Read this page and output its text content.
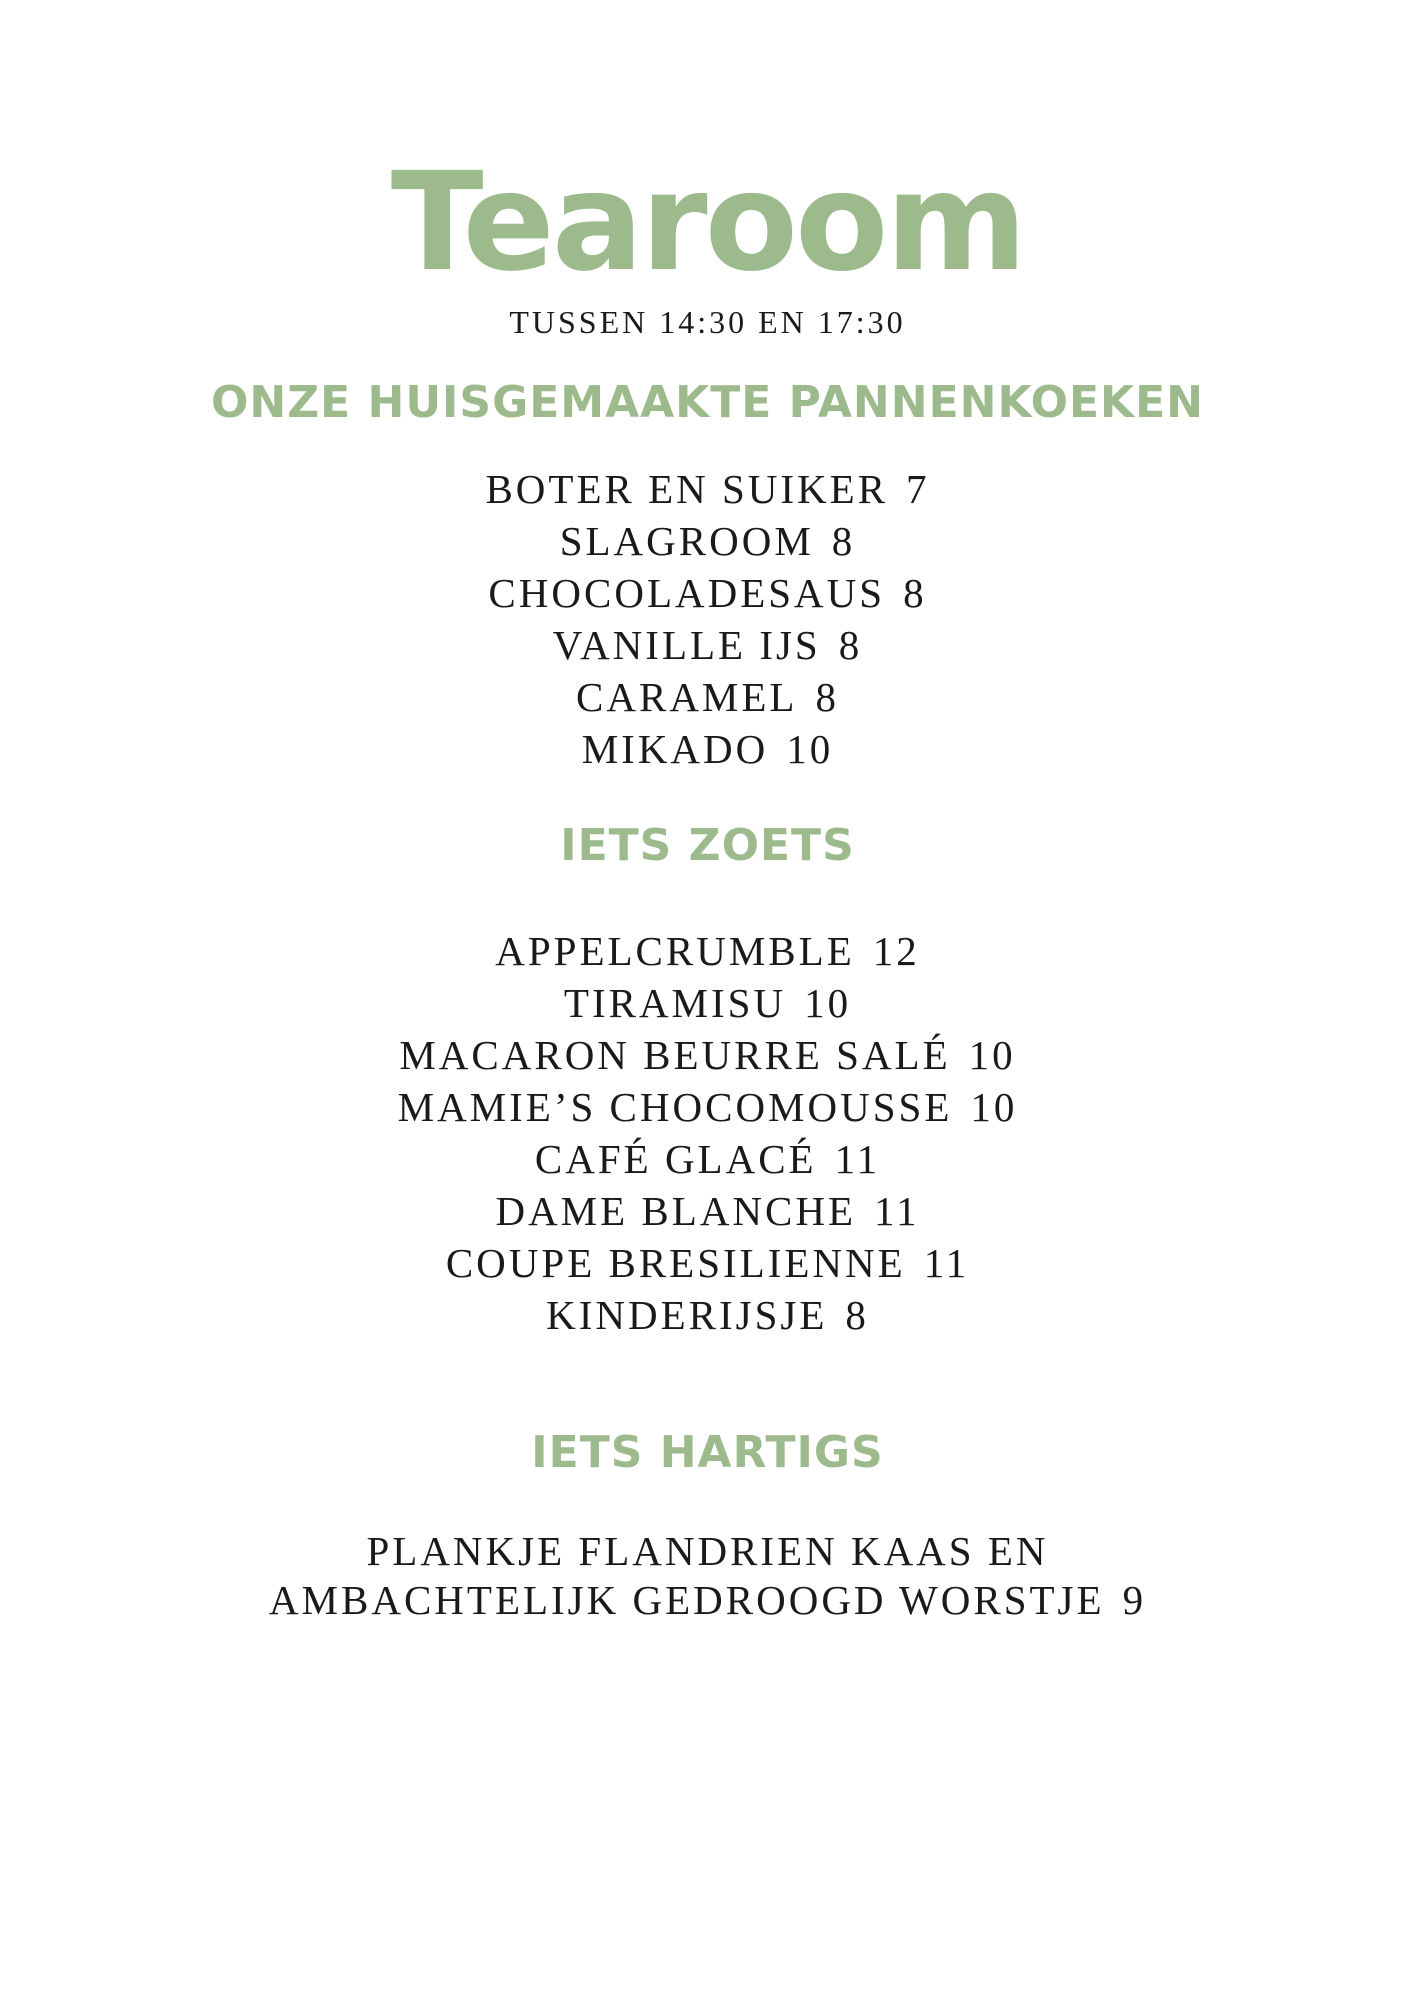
Tearoom
TUSSEN 14:30 EN 17:30
ONZE HUISGEMAAKTE PANNENKOEKEN
BOTER EN SUIKER 7
SLAGROOM 8
CHOCOLADESAUS 8
VANILLE IJS 8
CARAMEL 8
MIKADO 10
IETS ZOETS
APPELCRUMBLE 12
TIRAMISU 10
MACARON BEURRE SALÉ 10
MAMIE’S CHOCOMOUSSE 10
CAFÉ GLACÉ 11
DAME BLANCHE 11
COUPE BRESILIENNE 11
KINDERIJSJE 8
IETS HARTIGS
PLANKJE FLANDRIEN KAAS EN
AMBACHTELIJK GEDROOGD WORSTJE 9
